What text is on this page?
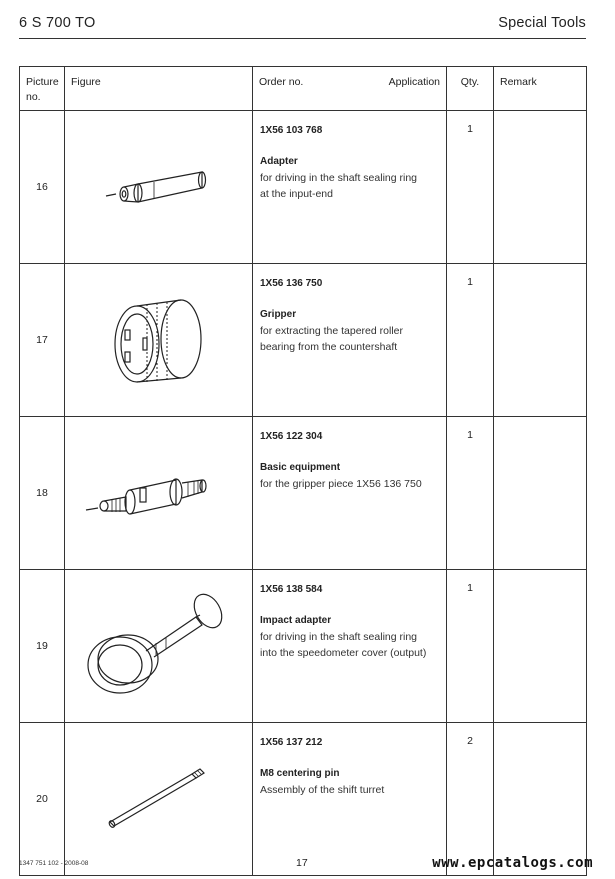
6 S 700 TO	Special Tools
Picture no.	Figure	Order no. Application	Qty.	Remark

16		1X56 103 768
Adapter
for driving in the shaft sealing ring
at the input-end	1	
17		1X56 136 750
Gripper
for extracting the tapered roller
bearing from the countershaft	1	
18		1X56 122 304
Basic equipment
for the gripper piece 1X56 136 750	1	
19		1X56 138 584
Impact adapter
for driving in the shaft sealing ring
into the speedometer cover (output)	1	
20		1X56 137 212
M8 centering pin
Assembly of the shift turret	2	
1347 751 102 - 2008-08	17	www.epcatalogs.com
